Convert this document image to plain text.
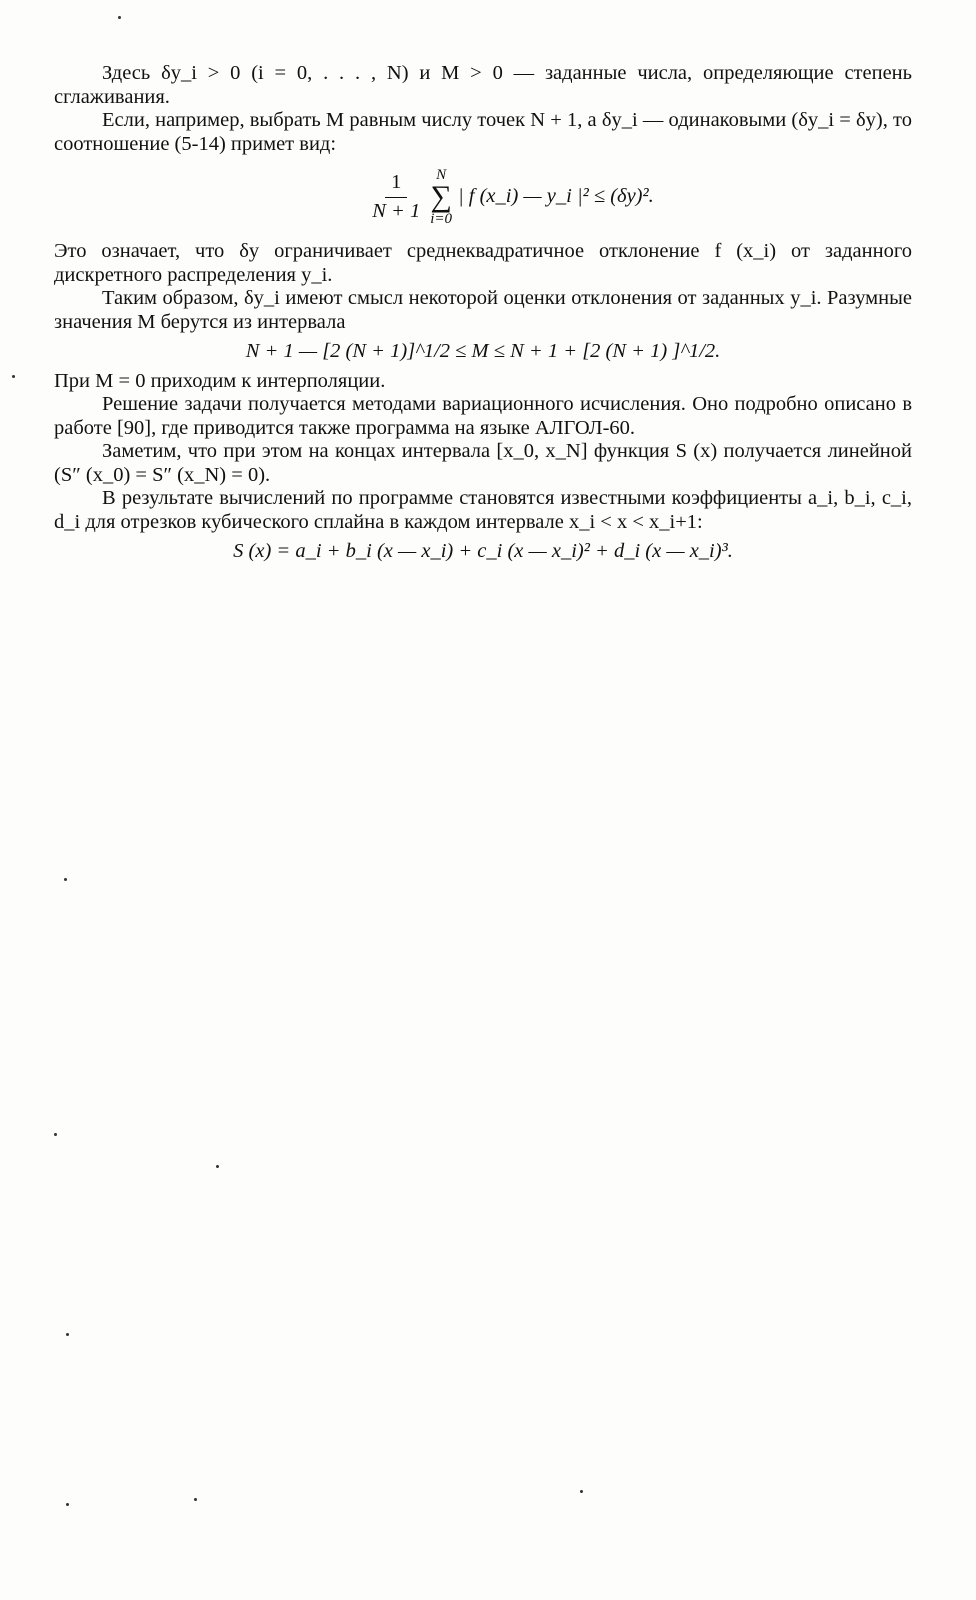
Здесь δy_i > 0 (i = 0, . . . , N) и M > 0 — заданные числа, определяющие степень сглаживания.

Если, например, выбрать M равным числу точек N + 1, а δy_i — одинаковыми (δy_i = δy), то соотношение (5-14) примет вид:

$\frac{1}{N + 1}$ N
∑
i=0
| f (x_i) — y_i |² ≤ (δy)².

Это означает, что δy ограничивает среднеквадратичное отклонение f (x_i) от заданного дискретного распределения y_i.

Таким образом, δy_i имеют смысл некоторой оценки отклонения от заданных y_i. Разумные значения M берутся из интервала

N + 1 — [2 (N + 1)]^1/2 ≤ M ≤ N + 1 + [2 (N + 1) ]^1/2.

При M = 0 приходим к интерполяции.

Решение задачи получается методами вариационного исчисления. Оно подробно описано в работе [90], где приводится также программа на языке АЛГОЛ-60.

Заметим, что при этом на концах интервала [x_0, x_N] функция S (x) получается линейной (S″ (x_0) = S″ (x_N) = 0).

В результате вычислений по программе становятся известными коэффициенты a_i, b_i, c_i, d_i для отрезков кубического сплайна в каждом интервале x_i < x < x_i+1:

S (x) = a_i + b_i (x — x_i) + c_i (x — x_i)² + d_i (x — x_i)³.
